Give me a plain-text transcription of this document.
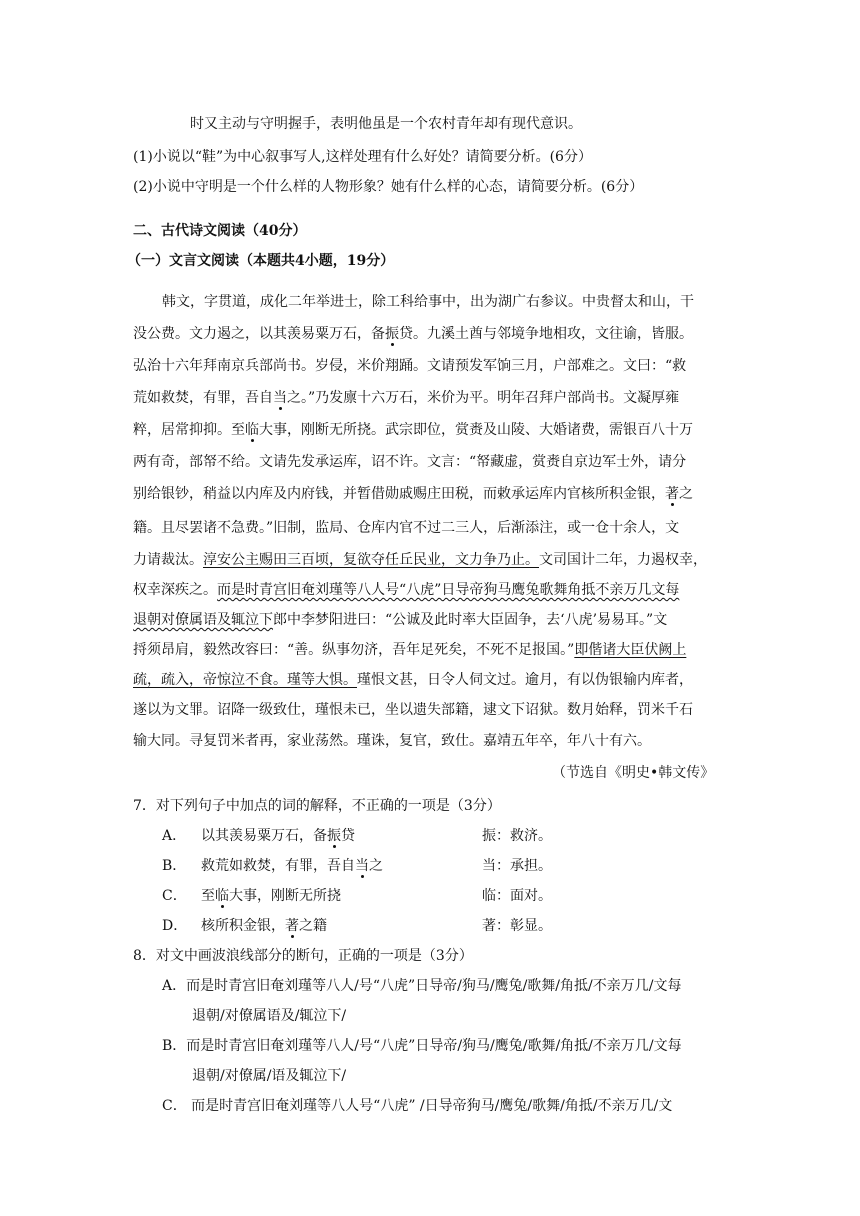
时又主动与守明握手，表明他虽是一个农村青年却有现代意识。
(1)小说以“鞋”为中心叙事写人,这样处理有什么好处？请简要分析。(6分）
(2)小说中守明是一个什么样的人物形象？她有什么样的心态，请简要分析。(6分）
二、古代诗文阅读（40分）
（一）文言文阅读（本题共4小题，19分）
韩文，字贯道，成化二年举进士，除工科给事中，出为湖广右参议。中贵督太和山，干
没公费。文力遏之，以其羡易粟万石，备振贷。九溪土酋与邻境争地相攻，文往谕，皆服。
弘治十六年拜南京兵部尚书。岁侵，米价翔踊。文请预发军饷三月，户部难之。文曰：“救
荒如救焚，有罪，吾自当之。”乃发廪十六万石，米价为平。明年召拜户部尚书。文凝厚雍
粹，居常抑抑。至临大事，刚断无所挠。武宗即位，赏赉及山陵、大婚诸费，需银百八十万
两有奇，部帑不给。文请先发承运库，诏不许。文言：“帑藏虚，赏赉自京边军士外，请分
别给银钞，稍益以内库及内府钱，并暂借勋戚赐庄田税，而敕承运库内官核所积金银，著之
籍。且尽罢诸不急费。”旧制，监局、仓库内官不过二三人，后渐添注，或一仓十余人，文
力请裁汰。淳安公主赐田三百顷，复欲夺任丘民业，文力争乃止。文司国计二年，力遏权幸，
权幸深疾之。而是时青宫旧奄刘瑾等八人号“八虎”日导帝狗马鹰兔歌舞角抵不亲万几文每
退朝对僚属语及辄泣下郎中李梦阳进曰：“公诚及此时率大臣固争，去‘八虎’易易耳。”文
捋须昂肩，毅然改容曰：“善。纵事勿济，吾年足死矣，不死不足报国。”即偕诸大臣伏阙上
疏，疏入，帝惊泣不食。瑾等大惧。瑾恨文甚，日令人伺文过。逾月，有以伪银输内库者，
遂以为文罪。诏降一级致仕，瑾恨未已，坐以遗失部籍，逮文下诏狱。数月始释，罚米千石
输大同。寻复罚米者再，家业荡然。瑾诛，复官，致仕。嘉靖五年卒，年八十有六。
（节选自《明史•韩文传》
7．对下列句子中加点的词的解释，不正确的一项是（3分）
A． 以其羡易粟万石，备振贷	振：救济。
B． 救荒如救焚，有罪，吾自当之	当：承担。
C． 至临大事，刚断无所挠	临：面对。
D． 核所积金银，著之籍	著：彰显。
8．对文中画波浪线部分的断句，正确的一项是（3分）
A．而是时青宫旧奄刘瑾等八人/号“八虎”日导帝/狗马/鹰兔/歌舞/角抵/不亲万几/文每
退朝/对僚属语及/辄泣下/
B．而是时青宫旧奄刘瑾等八人/号“八虎”日导帝/狗马/鹰兔/歌舞/角抵/不亲万几/文每
退朝/对僚属/语及辄泣下/
C． 而是时青宫旧奄刘瑾等八人号“八虎” /日导帝狗马/鹰兔/歌舞/角抵/不亲万几/文
